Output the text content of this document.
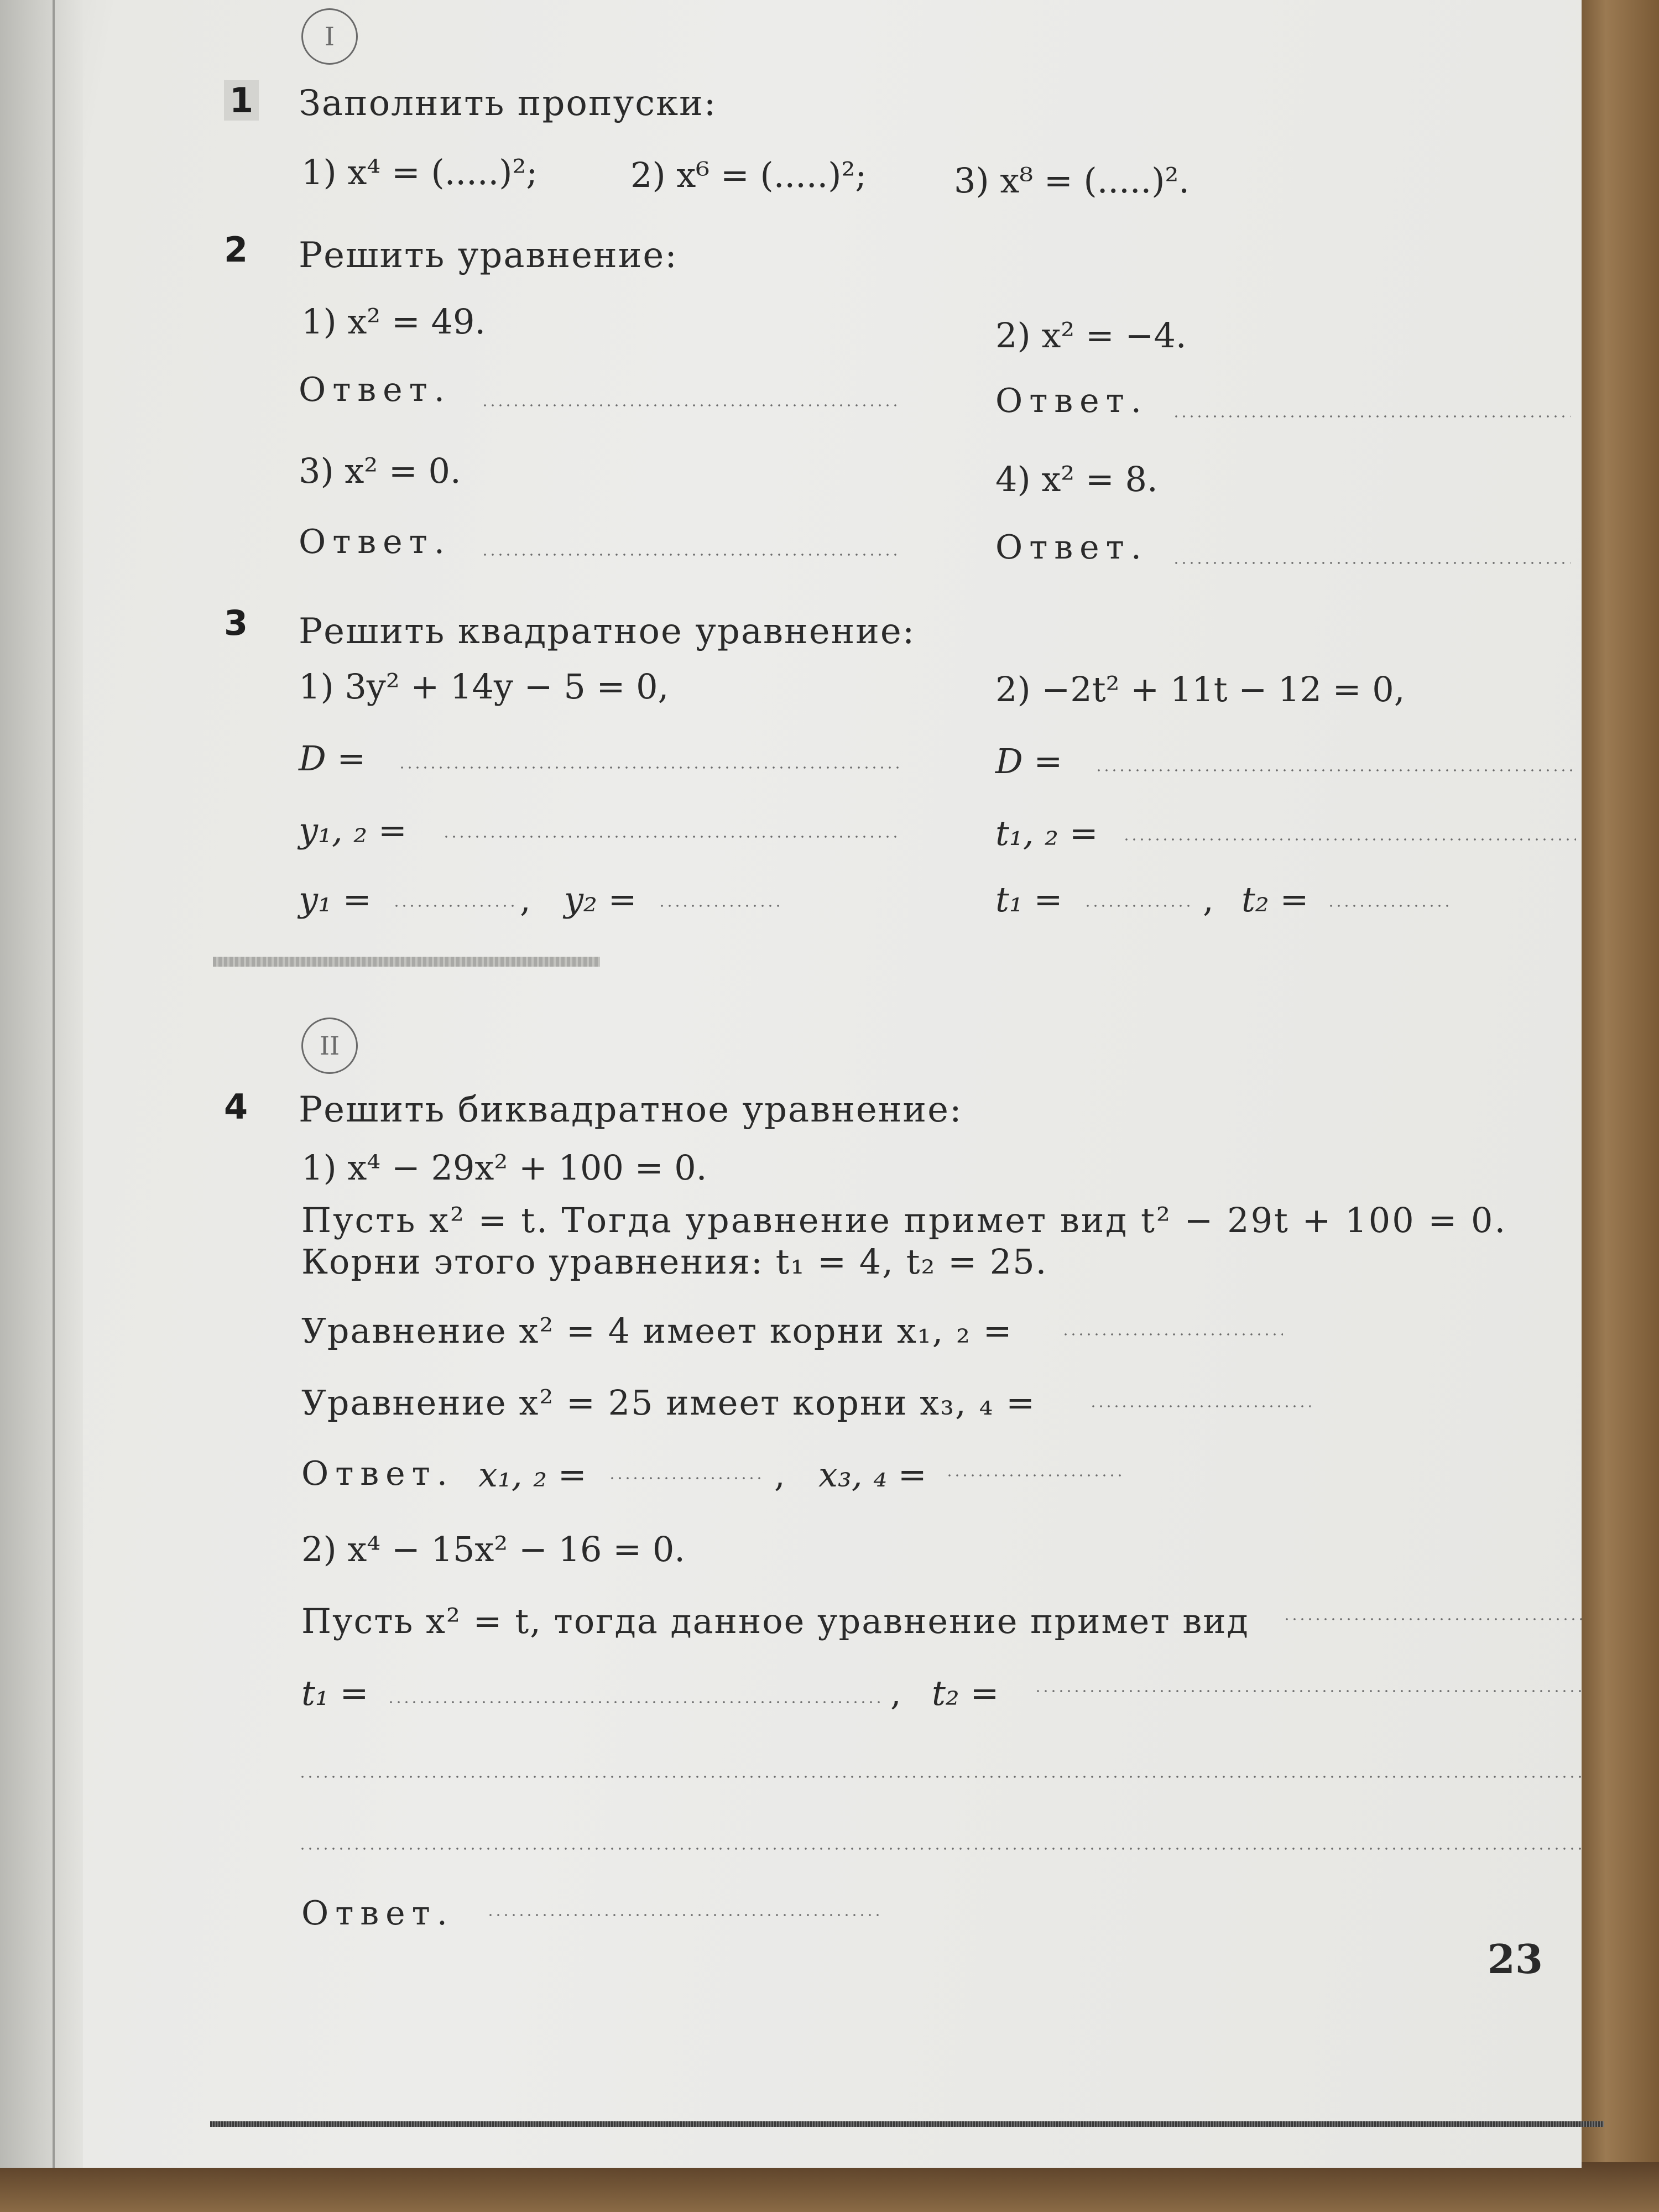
I
1 Заполнить пропуски:
1) x⁴ = (.....)²;	2) x⁶ = (.....)²;	3) x⁸ = (.....)².
2 Решить уравнение:
1) x² = 49.
Ответ.
2) x² = −4.
Ответ.
3) x² = 0.
Ответ.
4) x² = 8.
Ответ.
3 Решить квадратное уравнение:
1) 3y² + 14y − 5 = 0,
D =
y₁, ₂ =
y₁ =	, y₂ =
2) −2t² + 11t − 12 = 0,
D =
t₁, ₂ =
t₁ =	, t₂ =
II
4 Решить биквадратное уравнение:
1) x⁴ − 29x² + 100 = 0.
Пусть x² = t. Тогда уравнение примет вид t² − 29t + 100 = 0.
Корни этого уравнения: t₁ = 4, t₂ = 25.
Уравнение x² = 4 имеет корни x₁, ₂ =
Уравнение x² = 25 имеет корни x₃, ₄ =
Ответ. x₁, ₂ =	, x₃, ₄ =
2) x⁴ − 15x² − 16 = 0.
Пусть x² = t, тогда данное уравнение примет вид
t₁ =	, t₂ =
Ответ.
23
